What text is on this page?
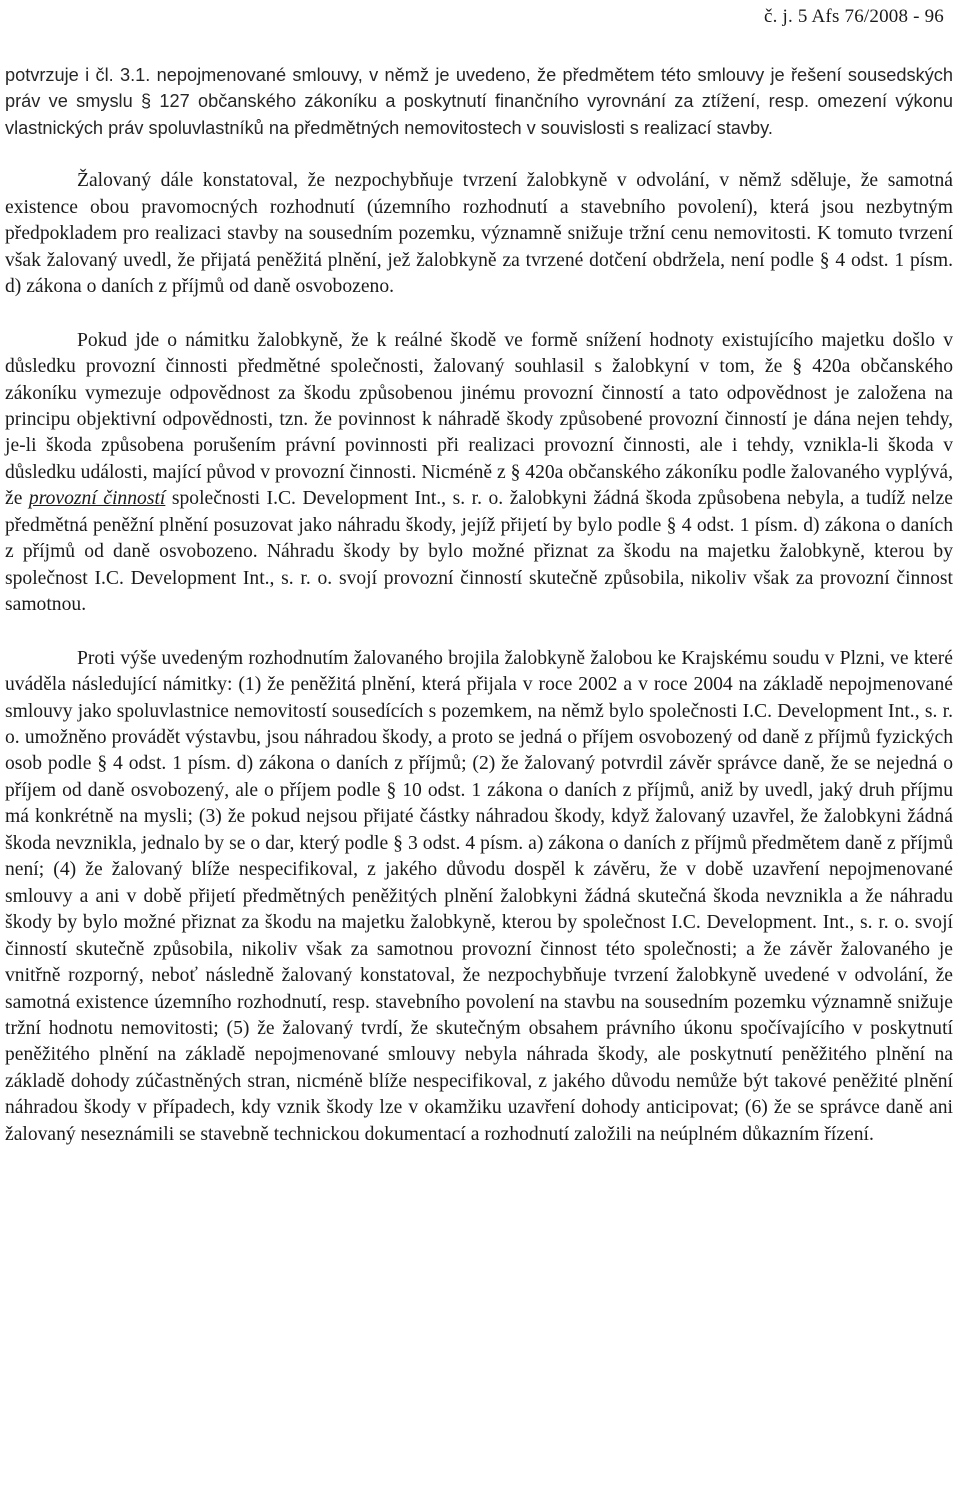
č. j. 5 Afs 76/2008 - 96

potvrzuje i čl. 3.1. nepojmenované smlouvy, v němž je uvedeno, že předmětem této smlouvy je řešení sousedských práv ve smyslu § 127 občanského zákoníku a poskytnutí finančního vyrovnání za ztížení, resp. omezení výkonu vlastnických práv spoluvlastníků na předmětných nemovitostech v souvislosti s realizací stavby.

Žalovaný dále konstatoval, že nezpochybňuje tvrzení žalobkyně v odvolání, v němž sděluje, že samotná existence obou pravomocných rozhodnutí (územního rozhodnutí a stavebního povolení), která jsou nezbytným předpokladem pro realizaci stavby na sousedním pozemku, významně snižuje tržní cenu nemovitosti. K tomuto tvrzení však žalovaný uvedl, že přijatá peněžitá plnění, jež žalobkyně za tvrzené dotčení obdržela, není podle § 4 odst. 1 písm. d) zákona o daních z příjmů od daně osvobozeno.

Pokud jde o námitku žalobkyně, že k reálné škodě ve formě snížení hodnoty existujícího majetku došlo v důsledku provozní činnosti předmětné společnosti, žalovaný souhlasil s žalobkyní v tom, že § 420a občanského zákoníku vymezuje odpovědnost za škodu způsobenou jinému provozní činností a tato odpovědnost je založena na principu objektivní odpovědnosti, tzn. že povinnost k náhradě škody způsobené provozní činností je dána nejen tehdy, je-li škoda způsobena porušením právní povinnosti při realizaci provozní činnosti, ale i tehdy, vznikla-li škoda v důsledku události, mající původ v provozní činnosti. Nicméně z § 420a občanského zákoníku podle žalovaného vyplývá, že provozní činností společnosti I.C. Development Int., s. r. o. žalobkyni žádná škoda způsobena nebyla, a tudíž nelze předmětná peněžní plnění posuzovat jako náhradu škody, jejíž přijetí by bylo podle § 4 odst. 1 písm. d) zákona o daních z příjmů od daně osvobozeno. Náhradu škody by bylo možné přiznat za škodu na majetku žalobkyně, kterou by společnost I.C. Development Int., s. r. o. svojí provozní činností skutečně způsobila, nikoliv však za provozní činnost samotnou.

Proti výše uvedeným rozhodnutím žalovaného brojila žalobkyně žalobou ke Krajskému soudu v Plzni, ve které uváděla následující námitky: (1) že peněžitá plnění, která přijala v roce 2002 a v roce 2004 na základě nepojmenované smlouvy jako spoluvlastnice nemovitostí sousedících s pozemkem, na němž bylo společnosti I.C. Development Int., s. r. o. umožněno provádět výstavbu, jsou náhradou škody, a proto se jedná o příjem osvobozený od daně z příjmů fyzických osob podle § 4 odst. 1 písm. d) zákona o daních z příjmů; (2) že žalovaný potvrdil závěr správce daně, že se nejedná o příjem od daně osvobozený, ale o příjem podle § 10 odst. 1 zákona o daních z příjmů, aniž by uvedl, jaký druh příjmu má konkrétně na mysli; (3) že pokud nejsou přijaté částky náhradou škody, když žalovaný uzavřel, že žalobkyni žádná škoda nevznikla, jednalo by se o dar, který podle § 3 odst. 4 písm. a) zákona o daních z příjmů předmětem daně z příjmů není; (4) že žalovaný blíže nespecifikoval, z jakého důvodu dospěl k závěru, že v době uzavření nepojmenované smlouvy a ani v době přijetí předmětných peněžitých plnění žalobkyni žádná skutečná škoda nevznikla a že náhradu škody by bylo možné přiznat za škodu na majetku žalobkyně, kterou by společnost I.C. Development. Int., s. r. o. svojí činností skutečně způsobila, nikoliv však za samotnou provozní činnost této společnosti; a že závěr žalovaného je vnitřně rozporný, neboť následně žalovaný konstatoval, že nezpochybňuje tvrzení žalobkyně uvedené v odvolání, že samotná existence územního rozhodnutí, resp. stavebního povolení na stavbu na sousedním pozemku významně snižuje tržní hodnotu nemovitosti; (5) že žalovaný tvrdí, že skutečným obsahem právního úkonu spočívajícího v poskytnutí peněžitého plnění na základě nepojmenované smlouvy nebyla náhrada škody, ale poskytnutí peněžitého plnění na základě dohody zúčastněných stran, nicméně blíže nespecifikoval, z jakého důvodu nemůže být takové peněžité plnění náhradou škody v případech, kdy vznik škody lze v okamžiku uzavření dohody anticipovat; (6) že se správce daně ani žalovaný neseznámili se stavebně technickou dokumentací a rozhodnutí založili na neúplném důkazním řízení.
